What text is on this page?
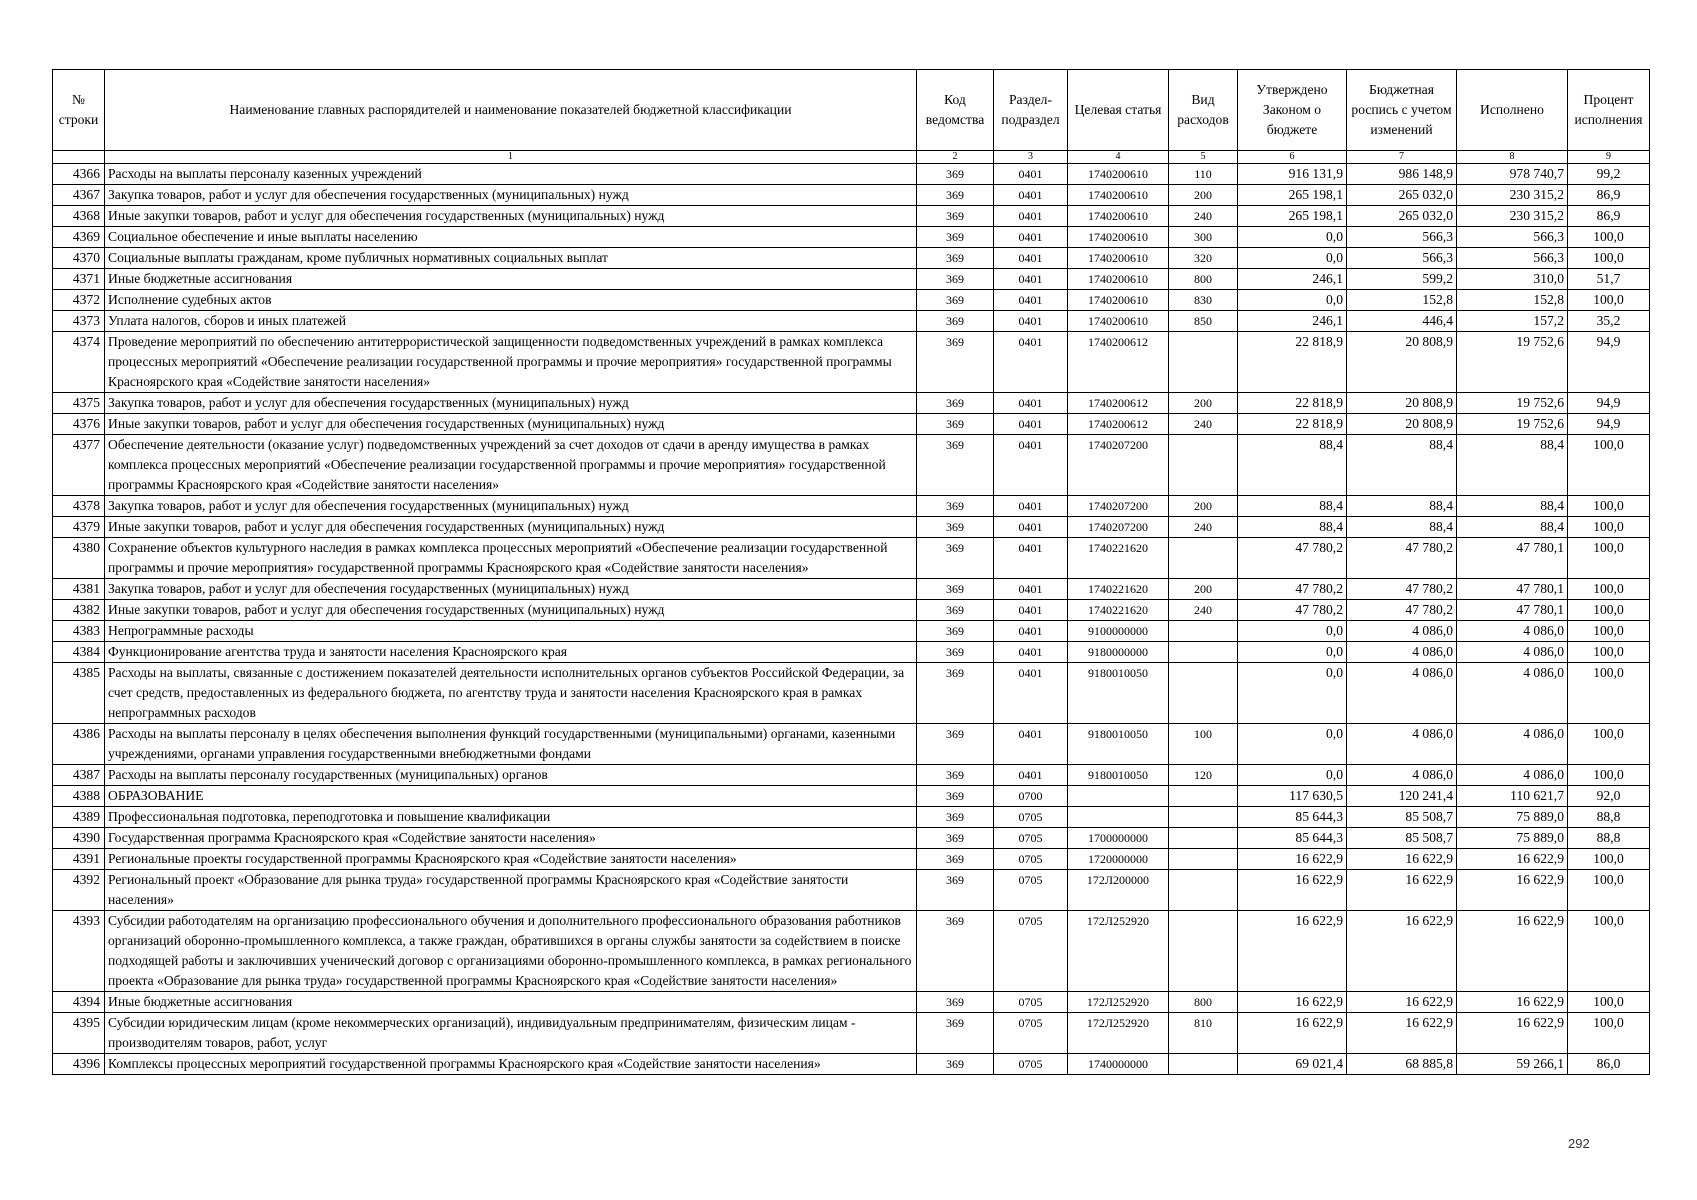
№ строки	Наименование главных распорядителей и наименование показателей бюджетной классификации	Код ведомства	Раздел-подраздел	Целевая статья	Вид расходов	Утверждено Законом о бюджете	Бюджетная роспись с учетом изменений	Исполнено	Процент исполнения
	1	2	3	4	5	6	7	8	9
4366	Расходы на выплаты персоналу казенных учреждений	369	0401	1740200610	110	916 131,9	986 148,9	978 740,7	99,2
4367	Закупка товаров, работ и услуг для обеспечения государственных (муниципальных) нужд	369	0401	1740200610	200	265 198,1	265 032,0	230 315,2	86,9
4368	Иные закупки товаров, работ и услуг для обеспечения государственных (муниципальных) нужд	369	0401	1740200610	240	265 198,1	265 032,0	230 315,2	86,9
4369	Социальное обеспечение и иные выплаты населению	369	0401	1740200610	300	0,0	566,3	566,3	100,0
4370	Социальные выплаты гражданам, кроме публичных нормативных социальных выплат	369	0401	1740200610	320	0,0	566,3	566,3	100,0
4371	Иные бюджетные ассигнования	369	0401	1740200610	800	246,1	599,2	310,0	51,7
4372	Исполнение судебных актов	369	0401	1740200610	830	0,0	152,8	152,8	100,0
4373	Уплата налогов, сборов и иных платежей	369	0401	1740200610	850	246,1	446,4	157,2	35,2
4374	Проведение мероприятий по обеспечению антитеррористической защищенности подведомственных учреждений в рамках комплекса процессных мероприятий «Обеспечение реализации государственной программы и прочие мероприятия» государственной программы Красноярского края «Содействие занятости населения»	369	0401	1740200612		22 818,9	20 808,9	19 752,6	94,9
4375	Закупка товаров, работ и услуг для обеспечения государственных (муниципальных) нужд	369	0401	1740200612	200	22 818,9	20 808,9	19 752,6	94,9
4376	Иные закупки товаров, работ и услуг для обеспечения государственных (муниципальных) нужд	369	0401	1740200612	240	22 818,9	20 808,9	19 752,6	94,9
4377	Обеспечение деятельности (оказание услуг) подведомственных учреждений за счет доходов от сдачи в аренду имущества в рамках комплекса процессных мероприятий «Обеспечение реализации государственной программы и прочие мероприятия» государственной программы Красноярского края «Содействие занятости населения»	369	0401	1740207200		88,4	88,4	88,4	100,0
4378	Закупка товаров, работ и услуг для обеспечения государственных (муниципальных) нужд	369	0401	1740207200	200	88,4	88,4	88,4	100,0
4379	Иные закупки товаров, работ и услуг для обеспечения государственных (муниципальных) нужд	369	0401	1740207200	240	88,4	88,4	88,4	100,0
4380	Сохранение объектов культурного наследия в рамках комплекса процессных мероприятий «Обеспечение реализации государственной программы и прочие мероприятия» государственной программы Красноярского края «Содействие занятости населения»	369	0401	1740221620		47 780,2	47 780,2	47 780,1	100,0
4381	Закупка товаров, работ и услуг для обеспечения государственных (муниципальных) нужд	369	0401	1740221620	200	47 780,2	47 780,2	47 780,1	100,0
4382	Иные закупки товаров, работ и услуг для обеспечения государственных (муниципальных) нужд	369	0401	1740221620	240	47 780,2	47 780,2	47 780,1	100,0
4383	Непрограммные расходы	369	0401	9100000000		0,0	4 086,0	4 086,0	100,0
4384	Функционирование агентства труда и занятости населения Красноярского края	369	0401	9180000000		0,0	4 086,0	4 086,0	100,0
4385	Расходы на выплаты, связанные с достижением показателей деятельности исполнительных органов субъектов Российской Федерации, за счет средств, предоставленных из федерального бюджета, по агентству труда и занятости населения Красноярского края в рамках непрограммных расходов	369	0401	9180010050		0,0	4 086,0	4 086,0	100,0
4386	Расходы на выплаты персоналу в целях обеспечения выполнения функций государственными (муниципальными) органами, казенными учреждениями, органами управления государственными внебюджетными фондами	369	0401	9180010050	100	0,0	4 086,0	4 086,0	100,0
4387	Расходы на выплаты персоналу государственных (муниципальных) органов	369	0401	9180010050	120	0,0	4 086,0	4 086,0	100,0
4388	ОБРАЗОВАНИЕ	369	0700			117 630,5	120 241,4	110 621,7	92,0
4389	Профессиональная подготовка, переподготовка и повышение квалификации	369	0705			85 644,3	85 508,7	75 889,0	88,8
4390	Государственная программа Красноярского края «Содействие занятости населения»	369	0705	1700000000		85 644,3	85 508,7	75 889,0	88,8
4391	Региональные проекты государственной программы Красноярского края «Содействие занятости населения»	369	0705	1720000000		16 622,9	16 622,9	16 622,9	100,0
4392	Региональный проект «Образование для рынка труда» государственной программы Красноярского края «Содействие занятости населения»	369	0705	172Л200000		16 622,9	16 622,9	16 622,9	100,0
4393	Субсидии работодателям на организацию профессионального обучения и дополнительного профессионального образования работников организаций оборонно-промышленного комплекса, а также граждан, обратившихся в органы службы занятости за содействием в поиске подходящей работы и заключивших ученический договор с организациями оборонно-промышленного комплекса, в рамках регионального проекта «Образование для рынка труда» государственной программы Красноярского края «Содействие занятости населения»	369	0705	172Л252920		16 622,9	16 622,9	16 622,9	100,0
4394	Иные бюджетные ассигнования	369	0705	172Л252920	800	16 622,9	16 622,9	16 622,9	100,0
4395	Субсидии юридическим лицам (кроме некоммерческих организаций), индивидуальным предпринимателям, физическим лицам - производителям товаров, работ, услуг	369	0705	172Л252920	810	16 622,9	16 622,9	16 622,9	100,0
4396	Комплексы процессных мероприятий государственной программы Красноярского края «Содействие занятости населения»	369	0705	1740000000		69 021,4	68 885,8	59 266,1	86,0
292
